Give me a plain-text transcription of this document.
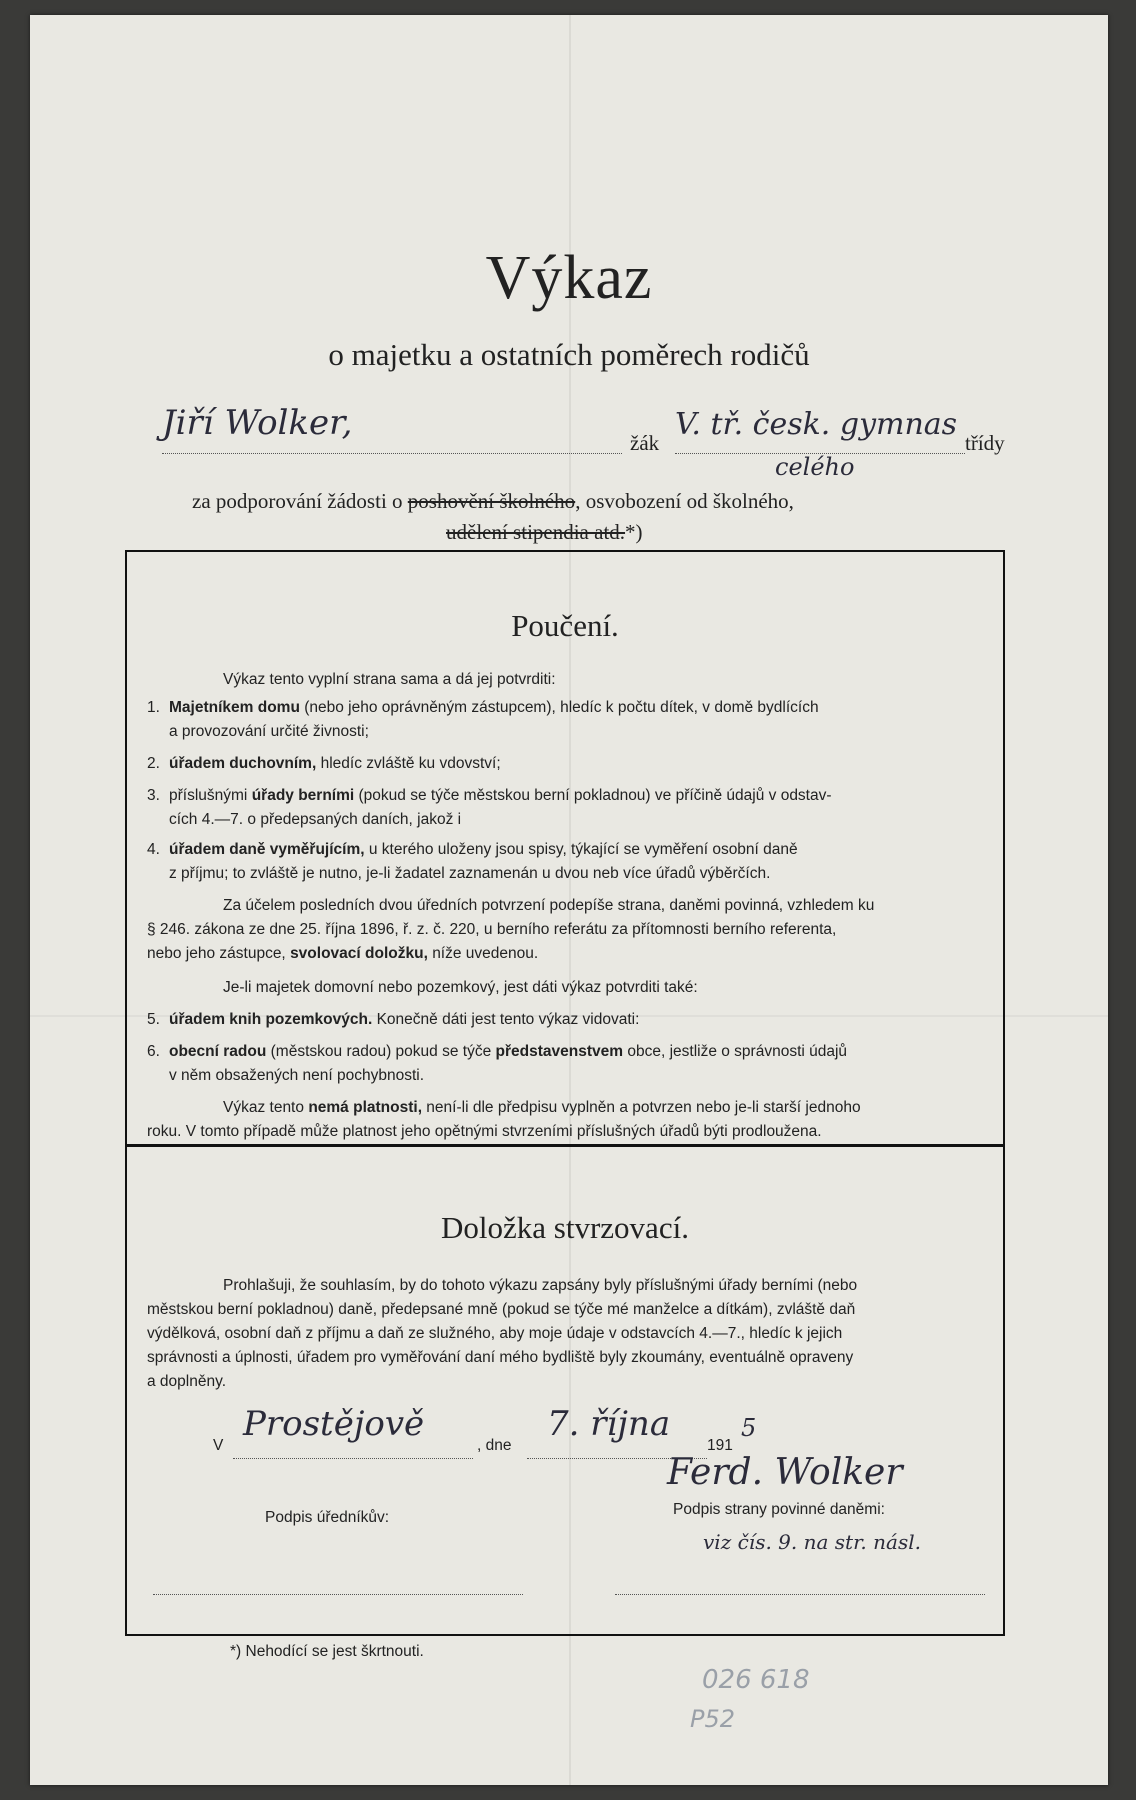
Výkaz
o majetku a ostatních poměrech rodičů
Jiří Wolker,	žák
V. tř. česk. gymnas
třídy
celého
za podporování žádosti o poshovění školného, osvobození od školného,
udělení stipendia atd.*)
Poučení.
Výkaz tento vyplní strana sama a dá jej potvrditi:
1. Majetníkem domu (nebo jeho oprávněným zástupcem), hledíc k počtu dítek, v domě bydlících
a provozování určité živnosti;
2. úřadem duchovním, hledíc zvláště ku vdovství;
3. příslušnými úřady berními (pokud se týče městskou berní pokladnou) ve příčině údajů v odstav-
cích 4.—7. o předepsaných daních, jakož i
4. úřadem daně vyměřujícím, u kterého uloženy jsou spisy, týkající se vyměření osobní daně
z příjmu; to zvláště je nutno, je-li žadatel zaznamenán u dvou neb více úřadů výběrčích.
Za účelem posledních dvou úředních potvrzení podepíše strana, daněmi povinná, vzhledem ku
§ 246. zákona ze dne 25. října 1896, ř. z. č. 220, u berního referátu za přítomnosti berního referenta,
nebo jeho zástupce, svolovací doložku, níže uvedenou.
Je-li majetek domovní nebo pozemkový, jest dáti výkaz potvrditi také:
5. úřadem knih pozemkových. Konečně dáti jest tento výkaz vidovati:
6. obecní radou (městskou radou) pokud se týče představenstvem obce, jestliže o správnosti údajů
v něm obsažených není pochybnosti.
Výkaz tento nemá platnosti, není-li dle předpisu vyplněn a potvrzen nebo je-li starší jednoho
roku. V tomto případě může platnost jeho opětnými stvrzeními příslušných úřadů býti prodloužena.
Doložka stvrzovací.
Prohlašuji, že souhlasím, by do tohoto výkazu zapsány byly příslušnými úřady berními (nebo
městskou berní pokladnou) daně, předepsané mně (pokud se týče mé manželce a dítkám), zvláště daň
výdělková, osobní daň z příjmu a daň ze služného, aby moje údaje v odstavcích 4.—7., hledíc k jejich
správnosti a úplnosti, úřadem pro vyměřování daní mého bydliště byly zkoumány, eventuálně opraveny
a doplněny.
V
Prostějově
, dne
7. října
191
5
Ferd. Wolker
Podpis úředníkův:	Podpis strany povinné daněmi:
viz čís. 9. na str. násl.
*) Nehodící se jest škrtnouti.
026 618
P52
